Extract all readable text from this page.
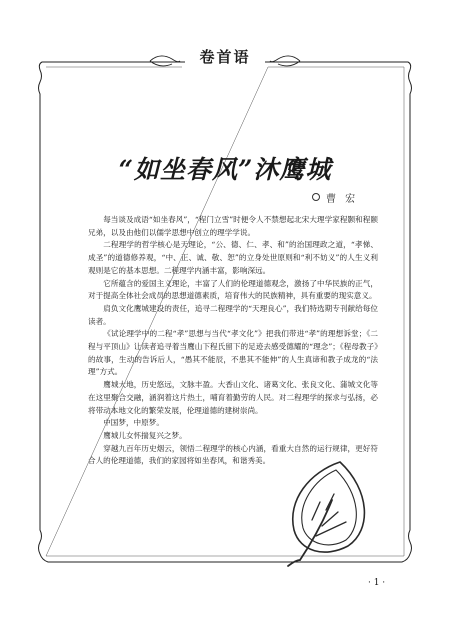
卷首语
“如坐春风”沐鹰城
曹 宏

每当谈及成语“如坐春风”，“程门立雪”时便令人不禁想起北宋大理学家程颢和程颐兄弟，以及由他们以儒学思想中创立的理学学说。

二程理学的哲学核心是天理论，“公、德、仁、孝、和”的治国理政之道，“孝悌、成圣”的道德修养观，“中、正、诚、敬、恕”的立身处世原则和“利不妨义”的人生义利观则是它的基本思想。二程理学内涵丰富，影响深远。

它所蕴含的爱国主义理论，丰富了人们的伦理道德观念，激扬了中华民族的正气，对于提高全体社会成员的思想道德素质，培育伟大的民族精神，具有重要的现实意义。

肩负文化鹰城建设的责任，追寻二程理学的“天理良心”，我们特选期专刊献给每位读者。

《试论理学中的二程“孝”思想与当代“孝文化”》把我们带进“孝”的理想诉堂；《二程与平顶山》让读者追寻着当鹰山下程氏留下的足迹去感受德耀的“理念”；《程母教子》的故事，生动的告诉后人，“愚其不能辰，不患其不能伸”的人生真谛和教子成龙的“法理”方式。

鹰城大地，历史悠远，文脉丰盈。大香山文化、诸葛文化、张良文化、蒲城文化等在这里聚合交融，涵润着这片热土，哺育着勤劳的人民。对二程理学的探求与弘扬，必将带动本地文化的繁荣发展，伦理道德的建树崇尚。

中国梦，中原梦。

鹰城儿女怀揣复兴之梦。

穿越九百年历史烟云，领悟二程理学的核心内涵，看重大自然的运行规律，更好符合人的伦理道德，我们的家园将如坐春风，和谐秀美。

· 1 ·
